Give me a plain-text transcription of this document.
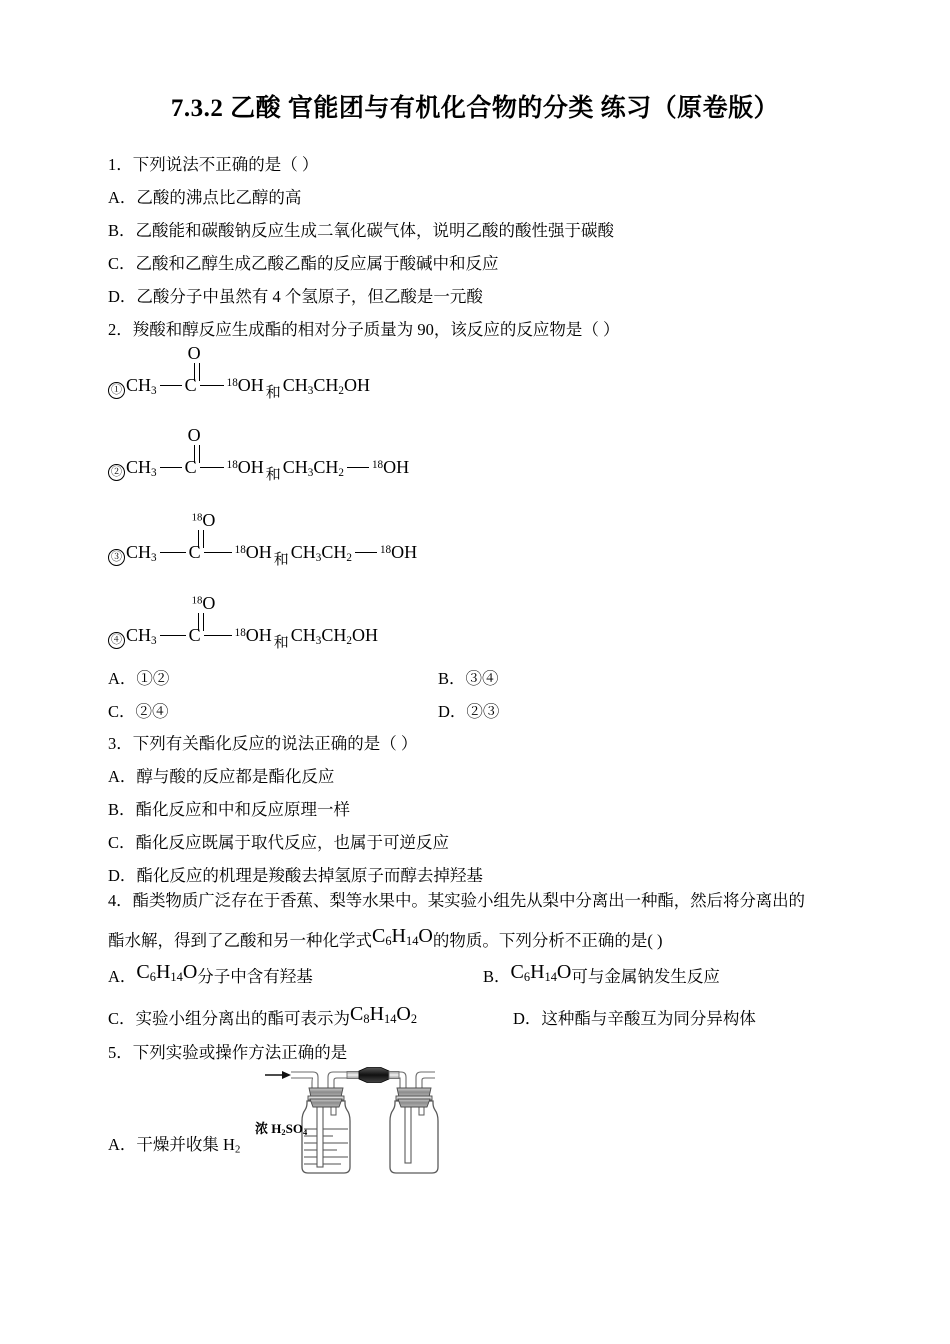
7.3.2 乙酸 官能团与有机化合物的分类 练习（原卷版）
1．下列说法不正确的是（ ）
A．乙酸的沸点比乙醇的高
B．乙酸能和碳酸钠反应生成二氧化碳气体，说明乙酸的酸性强于碳酸
C．乙酸和乙醇生成乙酸乙酯的反应属于酸碱中和反应
D．乙酸分子中虽然有 4 个氢原子，但乙酸是一元酸
2．羧酸和醇反应生成酯的相对分子质量为 90，该反应的反应物是（ ）
① $CH_3$ C
O
$^{18}$OH 和 $CH_3CH_2OH$
② $CH_3$ C
O
$^{18}$OH 和 $CH_3CH_2^{18}OH$
③ $CH_3$ C
$^{18}$O
$^{18}$OH 和 $CH_3CH_2^{18}OH$
④ $CH_3$ C
$^{18}$O
$^{18}$OH 和 $CH_3CH_2OH$
A．①②	B．③④
C．②④	D．②③
3．下列有关酯化反应的说法正确的是（ ）
A．醇与酸的反应都是酯化反应
B．酯化反应和中和反应原理一样
C．酯化反应既属于取代反应，也属于可逆反应
D．酯化反应的机理是羧酸去掉氢原子而醇去掉羟基
4．酯类物质广泛存在于香蕉、梨等水果中。某实验小组先从梨中分离出一种酯，然后将分离出的
酯水解，得到了乙酸和另一种化学式$C_6H_{14}O$的物质。下列分析不正确的是( )
A．$C_6H_{14}O$分子中含有羟基	B．$C_6H_{14}O$可与金属钠发生反应
C．实验小组分离出的酯可表示为$C_8H_{14}O_2$	D．这种酯与辛酸互为同分异构体
5．下列实验或操作方法正确的是
浓 $H_2SO_4$
A．干燥并收集 $H_2$
